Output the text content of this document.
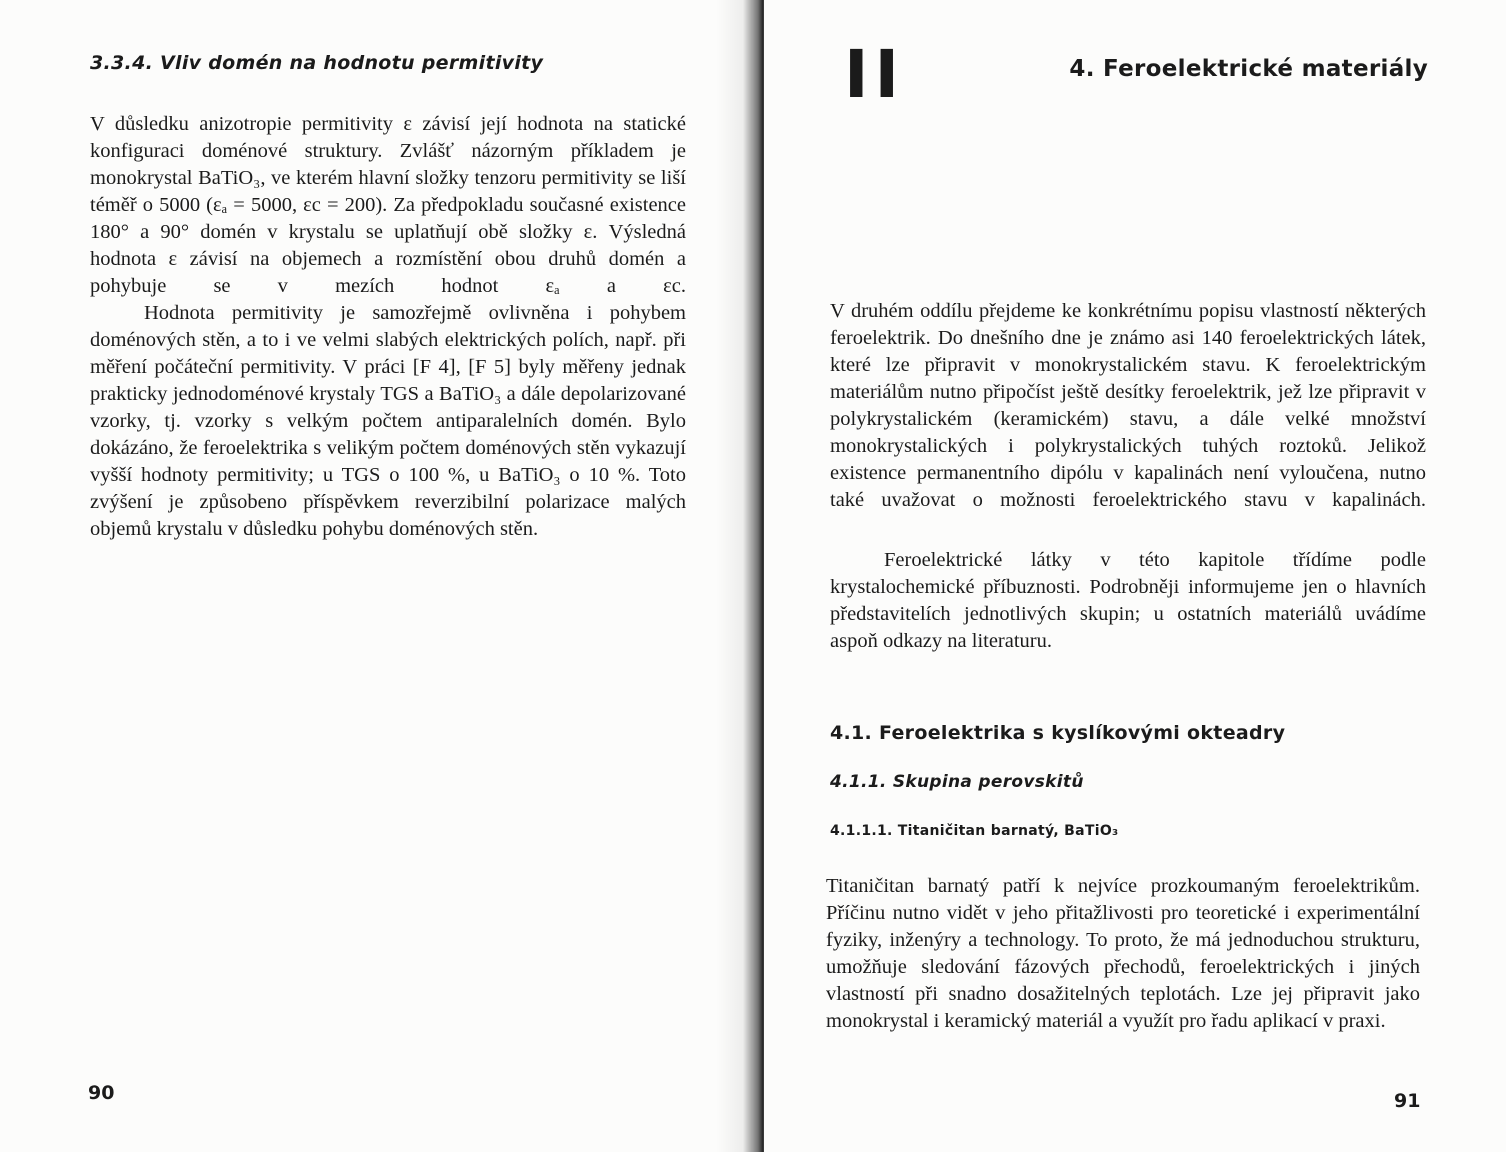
3.3.4. Vliv domén na hodnotu permitivity

V důsledku anizotropie permitivity ε závisí její hodnota na statické konfiguraci doménové struktury. Zvlášť názorným příkladem je monokrystal BaTiO₃, ve kterém hlavní složky tenzoru permitivity se liší téměř o 5000 (εₐ = 5000, εc = 200). Za předpokladu současné existence 180° a 90° domén v krystalu se uplatňují obě složky ε. Výsledná hodnota ε závisí na objemech a rozmístění obou druhů domén a pohybuje se v mezích hodnot εₐ a εc.

Hodnota permitivity je samozřejmě ovlivněna i pohybem doménových stěn, a to i ve velmi slabých elektrických polích, např. při měření počáteční permitivity. V práci [F 4], [F 5] byly měřeny jednak prakticky jednodoménové krystaly TGS a BaTiO₃ a dále depolarizované vzorky, tj. vzorky s velkým počtem antiparalelních domén. Bylo dokázáno, že feroelektrika s velikým počtem doménových stěn vykazují vyšší hodnoty permitivity; u TGS o 100 %, u BaTiO₃ o 10 %. Toto zvýšení je způsobeno příspěvkem reverzibilní polarizace malých objemů krystalu v důsledku pohybu doménových stěn.

90

II	4. Feroelektrické materiály

V druhém oddílu přejdeme ke konkrétnímu popisu vlastností některých feroelektrik. Do dnešního dne je známo asi 140 feroelektrických látek, které lze připravit v monokrystalickém stavu. K feroelektrickým materiálům nutno připočíst ještě desítky feroelektrik, jež lze připravit v polykrystalickém (keramickém) stavu, a dále velké množství monokrystalických i polykrystalických tuhých roztoků. Jelikož existence permanentního dipólu v kapalinách není vyloučena, nutno také uvažovat o možnosti feroelektrického stavu v kapalinách.

Feroelektrické látky v této kapitole třídíme podle krystalochemické příbuznosti. Podrobněji informujeme jen o hlavních představitelích jednotlivých skupin; u ostatních materiálů uvádíme aspoň odkazy na literaturu.

4.1. Feroelektrika s kyslíkovými okteadry
4.1.1. Skupina perovskitů
4.1.1.1. Titaničitan barnatý, BaTiO₃

Titaničitan barnatý patří k nejvíce prozkoumaným feroelektrikům. Příčinu nutno vidět v jeho přitažlivosti pro teoretické i experimentální fyziky, inženýry a technology. To proto, že má jednoduchou strukturu, umožňuje sledování fázových přechodů, feroelektrických i jiných vlastností při snadno dosažitelných teplotách. Lze jej připravit jako monokrystal i keramický materiál a využít pro řadu aplikací v praxi.

91
